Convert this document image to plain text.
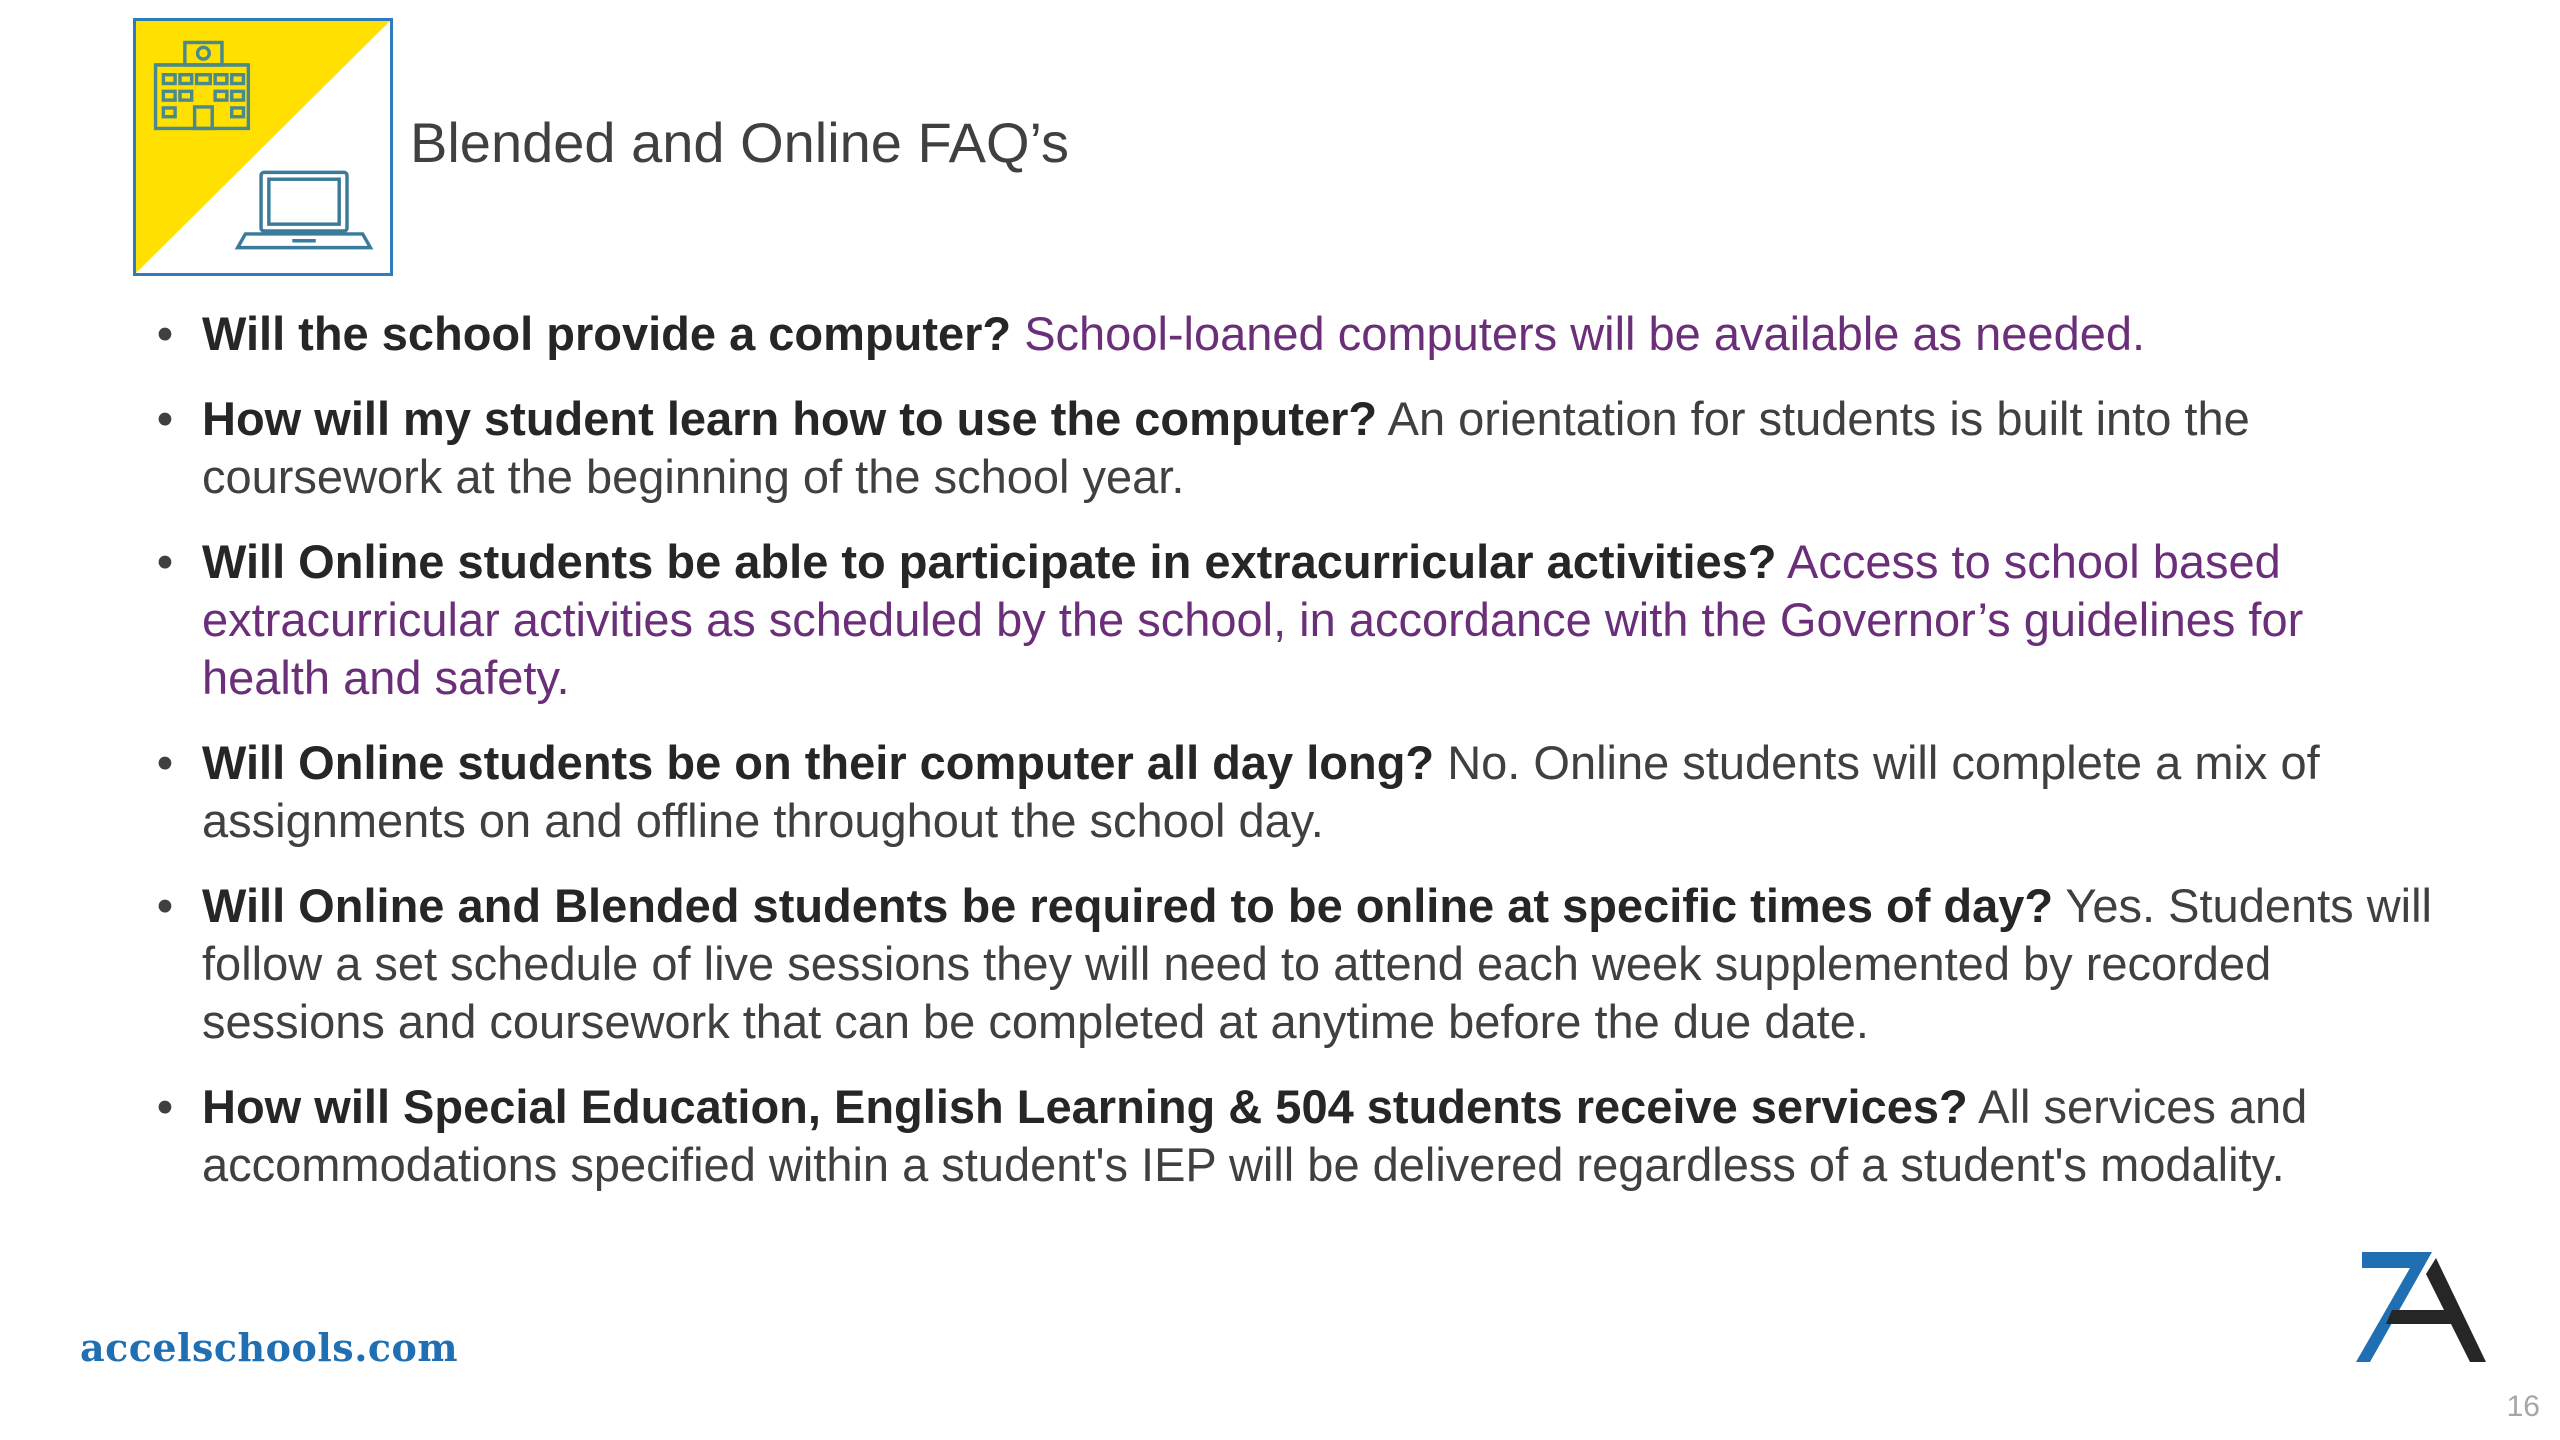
Blended and Online FAQ’s
• Will the school provide a computer? School-loaned computers will be available as needed.
• How will my student learn how to use the computer? An orientation for students is built into the coursework at the beginning of the school year.
• Will Online students be able to participate in extracurricular activities? Access to school based extracurricular activities as scheduled by the school, in accordance with the Governor’s guidelines for health and safety.
• Will Online students be on their computer all day long? No. Online students will complete a mix of assignments on and offline throughout the school day.
• Will Online and Blended students be required to be online at specific times of day? Yes. Students will follow a set schedule of live sessions they will need to attend each week supplemented by recorded sessions and coursework that can be completed at anytime before the due date.
• How will Special Education, English Learning & 504 students receive services? All services and accommodations specified within a student's IEP will be delivered regardless of a student's modality.
accelschools.com
16
